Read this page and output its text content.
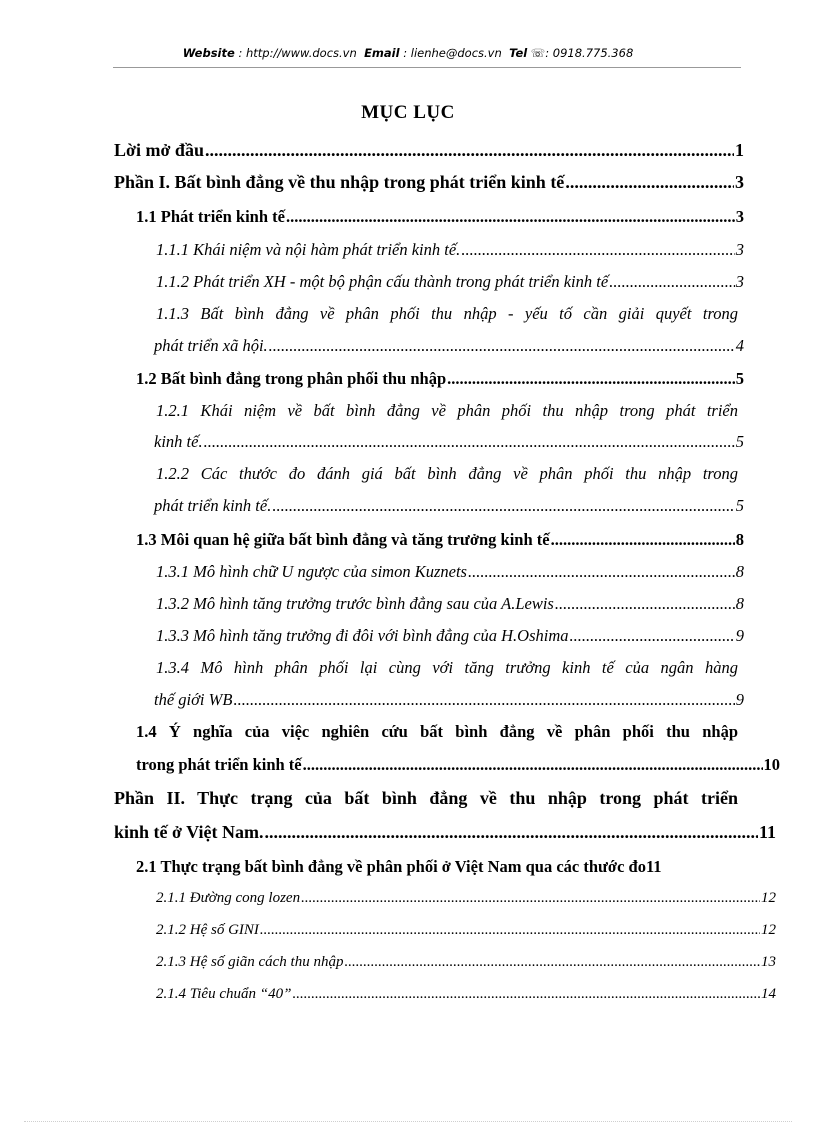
Website : http://www.docs.vn Email : lienhe@docs.vn Tel ☏: 0918.775.368
MỤC LỤC
Lời mở đầu .....	1
Phần I. Bất bình đẳng về thu nhập trong phát triển kinh tế .....	3
1.1 Phát triển kinh tế .....	3
1.1.1 Khái niệm và nội hàm phát triển kinh tế. .....	3
1.1.2 Phát triển XH - một bộ phận cấu thành trong phát triển kinh tế .....	3
1.1.3 Bất bình đẳng về phân phối thu nhập - yếu tố cần giải quyết trong
phát triển xã hội. .....	4
1.2 Bất bình đẳng trong phân phối thu nhập .....	5
1.2.1 Khái niệm về bất bình đẳng về phân phối thu nhập trong phát triển
kinh tế. .....	5
1.2.2 Các thước đo đánh giá bất bình đẳng về phân phối thu nhập trong
phát triển kinh tế. .....	5
1.3 Môi quan hệ giữa bất bình đẳng và tăng trưởng kinh tế .....	8
1.3.1 Mô hình chữ U ngược của simon Kuznets .....	8
1.3.2 Mô hình tăng trưởng trước bình đẳng sau của A.Lewis .....	8
1.3.3 Mô hình tăng trưởng đi đôi với bình đẳng của H.Oshima .....	9
1.3.4 Mô hình phân phối lại cùng với tăng trưởng kinh tế của ngân hàng
thế giới WB .....	9
1.4 Ý nghĩa của việc nghiên cứu bất bình đẳng về phân phối thu nhập
trong phát triển kinh tế .....	10
Phần II. Thực trạng của bất bình đẳng về thu nhập trong phát triển
kinh tế ở Việt Nam. .....	11
2.1 Thực trạng bất bình đẳng về phân phối ở Việt Nam qua các thước đo 11
2.1.1 Đường cong lozen .....	12
2.1.2 Hệ số GINI .....	12
2.1.3 Hệ số giãn cách thu nhập .....	13
2.1.4 Tiêu chuẩn “40” .....	14
